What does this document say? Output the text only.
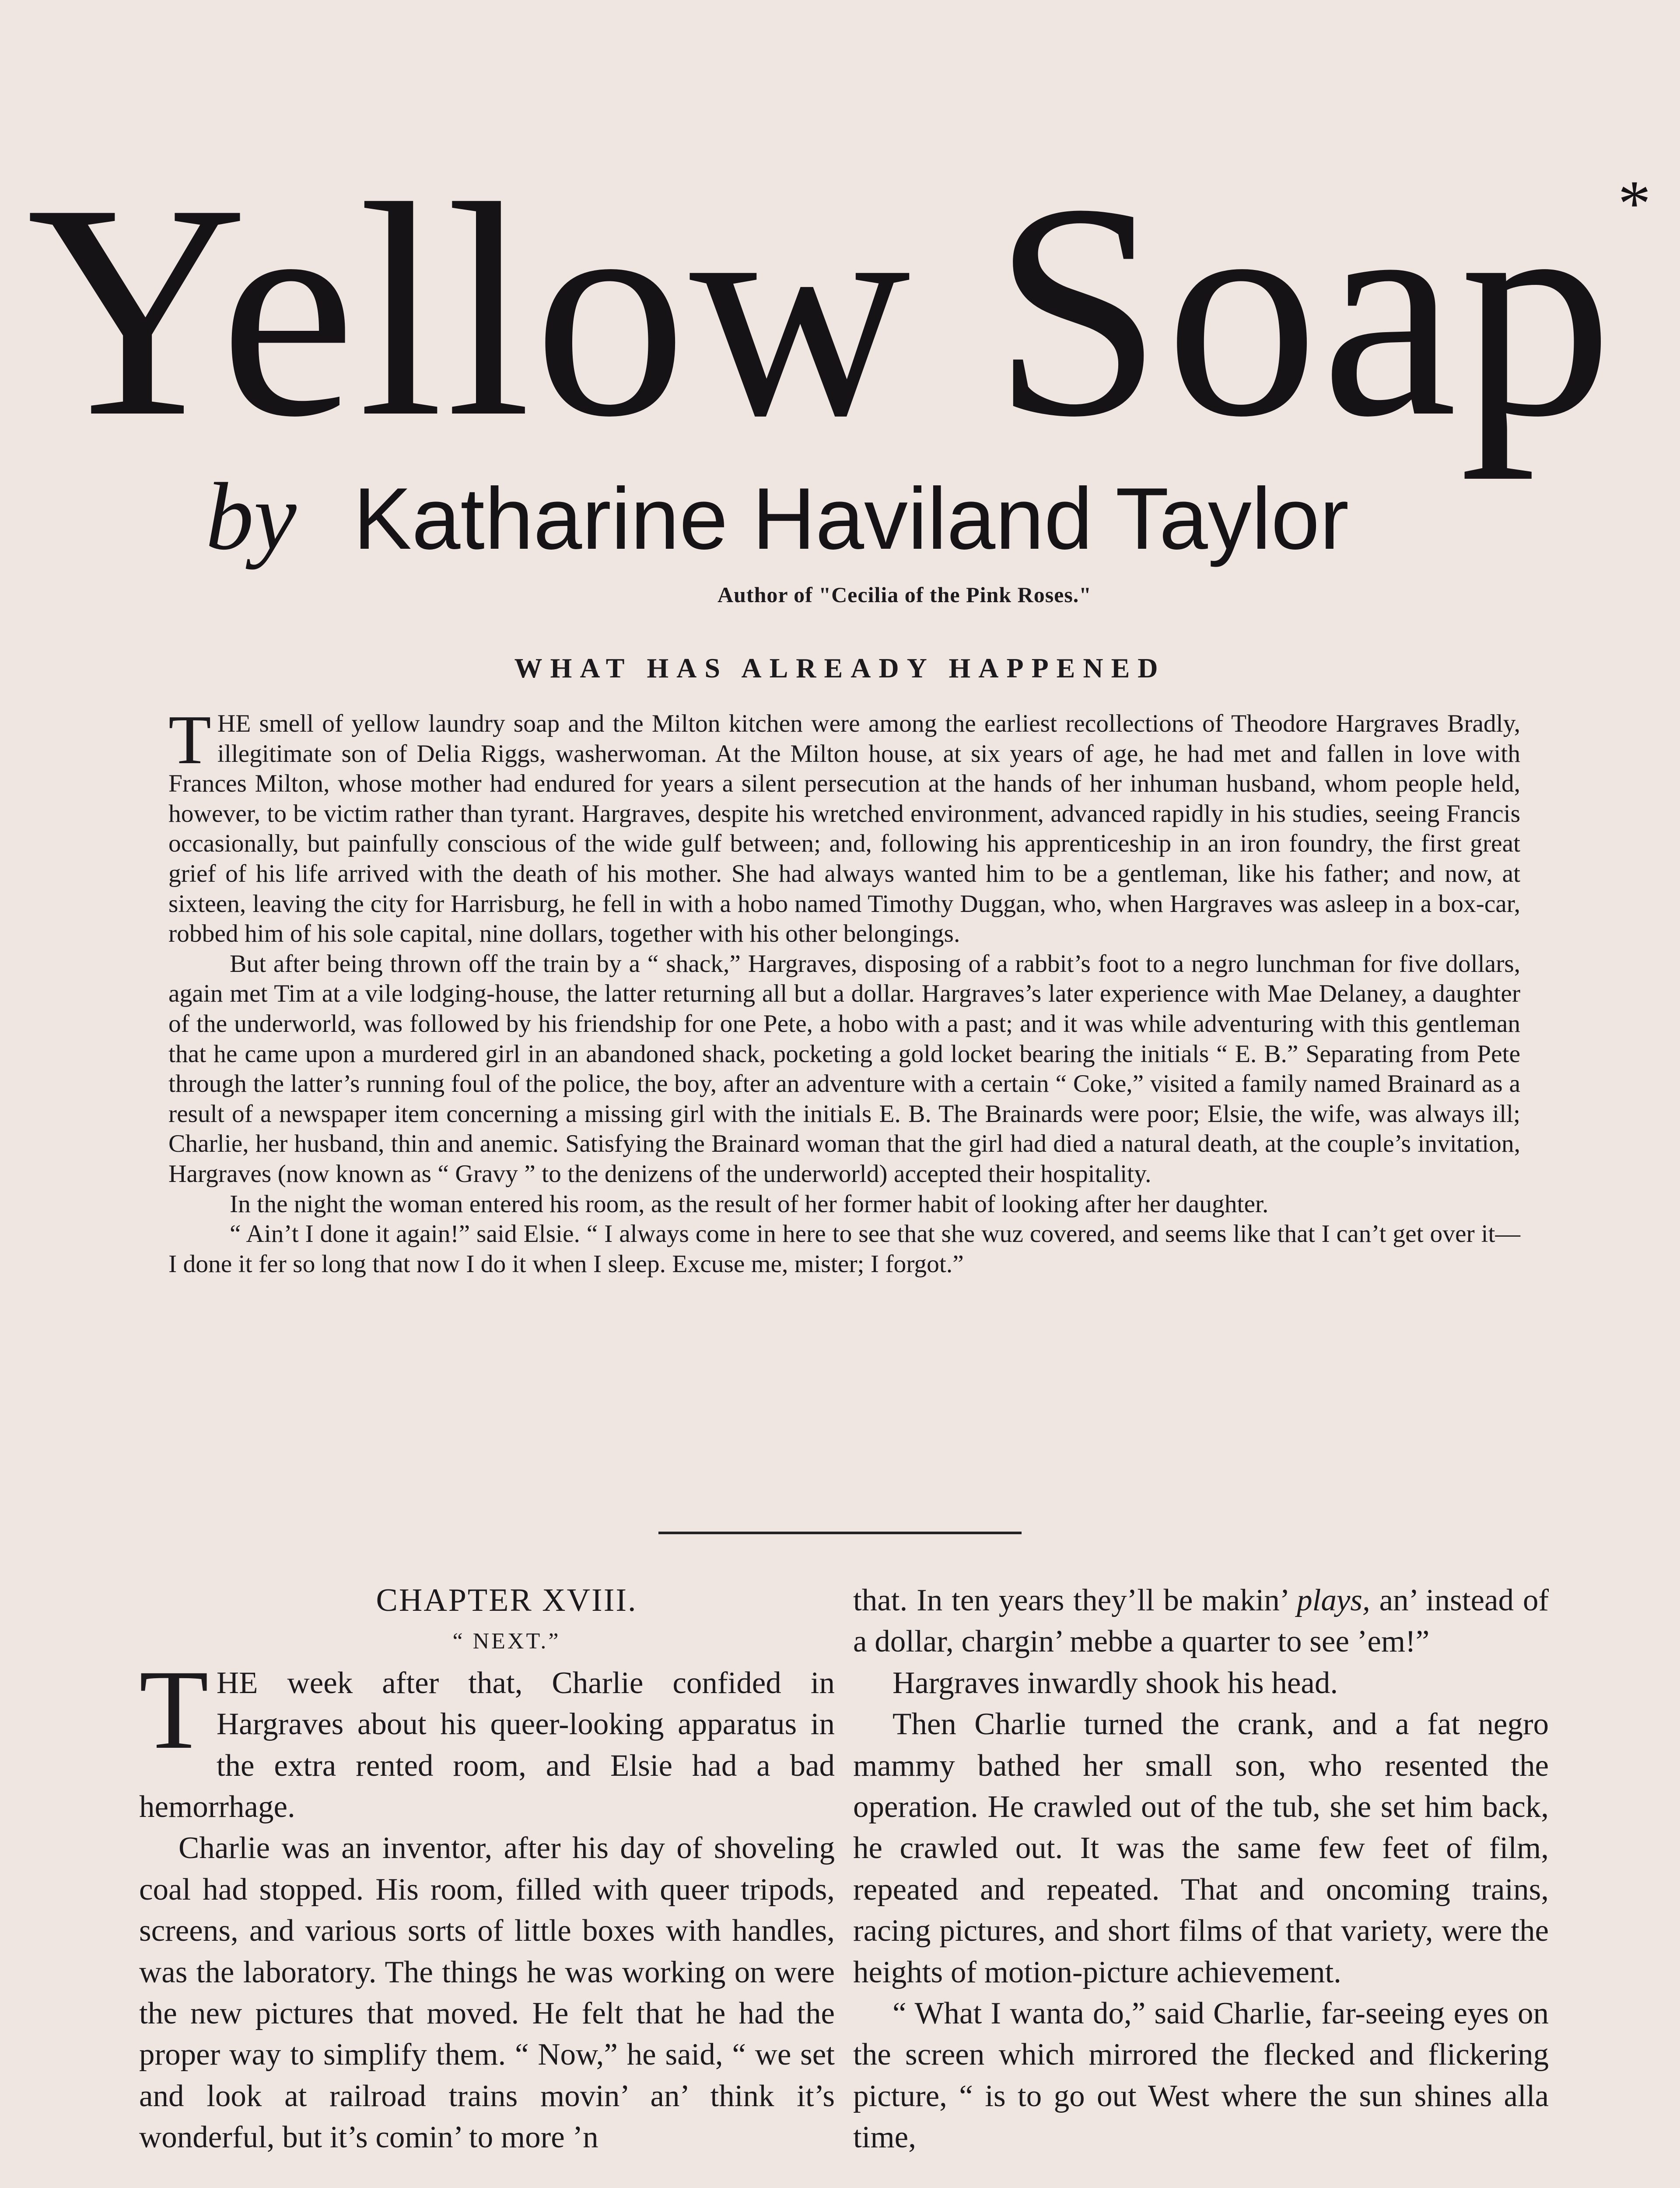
Yellow Soap*
by Katharine Haviland Taylor
Author of "Cecilia of the Pink Roses."
WHAT HAS ALREADY HAPPENED

THE smell of yellow laundry soap and the Milton kitchen were among the earliest recollections of Theodore Hargraves Bradly, illegitimate son of Delia Riggs, washerwoman. At the Milton house, at six years of age, he had met and fallen in love with Frances Milton, whose mother had endured for years a silent persecution at the hands of her inhuman husband, whom people held, however, to be victim rather than tyrant. Hargraves, despite his wretched environment, advanced rapidly in his studies, seeing Francis occasionally, but painfully conscious of the wide gulf between; and, following his apprenticeship in an iron foundry, the first great grief of his life arrived with the death of his mother. She had always wanted him to be a gentleman, like his father; and now, at sixteen, leaving the city for Harrisburg, he fell in with a hobo named Timothy Duggan, who, when Hargraves was asleep in a box-car, robbed him of his sole capital, nine dollars, together with his other belongings.

But after being thrown off the train by a “ shack,” Hargraves, disposing of a rabbit’s foot to a negro lunchman for five dollars, again met Tim at a vile lodging-house, the latter returning all but a dollar. Hargraves’s later experience with Mae Delaney, a daughter of the underworld, was followed by his friendship for one Pete, a hobo with a past; and it was while adventuring with this gentleman that he came upon a murdered girl in an abandoned shack, pocketing a gold locket bearing the initials “ E. B.” Separating from Pete through the latter’s running foul of the police, the boy, after an adventure with a certain “ Coke,” visited a family named Brainard as a result of a newspaper item concerning a missing girl with the initials E. B. The Brainards were poor; Elsie, the wife, was always ill; Charlie, her husband, thin and anemic. Satisfying the Brainard woman that the girl had died a natural death, at the couple’s invitation, Hargraves (now known as “ Gravy ” to the denizens of the underworld) accepted their hospitality.

In the night the woman entered his room, as the result of her former habit of looking after her daughter.

“ Ain’t I done it again!” said Elsie. “ I always come in here to see that she wuz covered, and seems like that I can’t get over it—I done it fer so long that now I do it when I sleep. Excuse me, mister; I forgot.”

CHAPTER XVIII.

“ NEXT.”

THE week after that, Charlie confided in Hargraves about his queer-looking apparatus in the extra rented room, and Elsie had a bad hemorrhage.

Charlie was an inventor, after his day of shoveling coal had stopped. His room, filled with queer tripods, screens, and various sorts of little boxes with handles, was the laboratory. The things he was working on were the new pictures that moved. He felt that he had the proper way to simplify them. “ Now,” he said, “ we set and look at railroad trains movin’ an’ think it’s wonderful, but it’s comin’ to more ’n

that. In ten years they’ll be makin’ plays, an’ instead of a dollar, chargin’ mebbe a quarter to see ’em!”

Hargraves inwardly shook his head.

Then Charlie turned the crank, and a fat negro mammy bathed her small son, who resented the operation. He crawled out of the tub, she set him back, he crawled out. It was the same few feet of film, repeated and repeated. That and oncoming trains, racing pictures, and short films of that variety, were the heights of motion-picture achievement.

“ What I wanta do,” said Charlie, far-seeing eyes on the screen which mirrored the flecked and flickering picture, “ is to go out West where the sun shines alla time,
